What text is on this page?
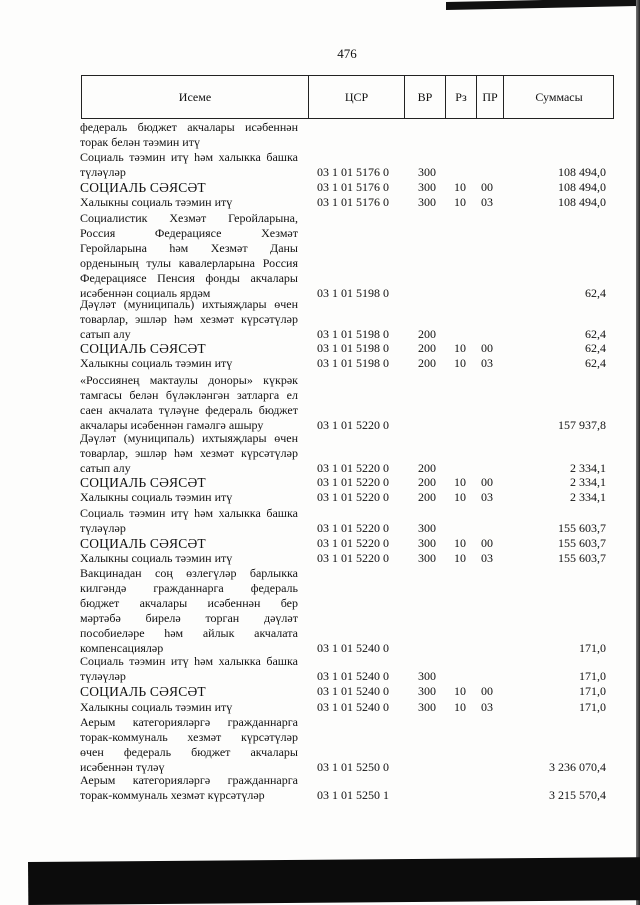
476
Исеме	ЦСР	ВР	Рз	ПР	Суммасы
федераль бюджет акчалары исәбеннән
торак белән тәэмин итү
Социаль тәэмин итү һәм халыкка башка
түләүләр	03 1 01 5176 0 300	108 494,0
СОЦИАЛЬ СӘЯСӘТ	03 1 01 5176 0 300 10 00	108 494,0
Халыкны социаль тәэмин итү	03 1 01 5176 0 300 10 03	108 494,0
Социалистик Хезмәт Геройларына,
Россия Федерациясе Хезмәт
Геройларына һәм Хезмәт Даны
орденының тулы кавалерларына Россия
Федерациясе Пенсия фонды акчалары
исәбеннән социаль ярдәм	03 1 01 5198 0	62,4
Дәүләт (муниципаль) ихтыяҗлары өчен
товарлар, эшләр һәм хезмәт күрсәтүләр
сатып алу	03 1 01 5198 0 200	62,4
СОЦИАЛЬ СӘЯСӘТ	03 1 01 5198 0 200 10 00	62,4
Халыкны социаль тәэмин итү	03 1 01 5198 0 200 10 03	62,4
«Россиянең мактаулы доноры» күкрәк
тамгасы белән бүләкләнгән затларга ел
саен акчалата түләүне федераль бюджет
акчалары исәбеннән гамәлгә ашыру	03 1 01 5220 0	157 937,8
Дәүләт (муниципаль) ихтыяҗлары өчен
товарлар, эшләр һәм хезмәт күрсәтүләр
сатып алу	03 1 01 5220 0 200	2 334,1
СОЦИАЛЬ СӘЯСӘТ	03 1 01 5220 0 200 10 00	2 334,1
Халыкны социаль тәэмин итү	03 1 01 5220 0 200 10 03	2 334,1
Социаль тәэмин итү һәм халыкка башка
түләүләр	03 1 01 5220 0 300	155 603,7
СОЦИАЛЬ СӘЯСӘТ	03 1 01 5220 0 300 10 00	155 603,7
Халыкны социаль тәэмин итү	03 1 01 5220 0 300 10 03	155 603,7
Вакцинадан соң өзлегүләр барлыкка
килгәндә гражданнарга федераль
бюджет акчалары исәбеннән бер
мәртәбә бирелә торган дәүләт
пособиеләре һәм айлык акчалата
компенсацияләр	03 1 01 5240 0	171,0
Социаль тәэмин итү һәм халыкка башка
түләүләр	03 1 01 5240 0 300	171,0
СОЦИАЛЬ СӘЯСӘТ	03 1 01 5240 0 300 10 00	171,0
Халыкны социаль тәэмин итү	03 1 01 5240 0 300 10 03	171,0
Аерым категорияләргә гражданнарга
торак-коммуналь хезмәт күрсәтүләр
өчен федераль бюджет акчалары
исәбеннән түләү	03 1 01 5250 0	3 236 070,4
Аерым категорияләргә гражданнарга
торак-коммуналь хезмәт күрсәтүләр	03 1 01 5250 1	3 215 570,4
